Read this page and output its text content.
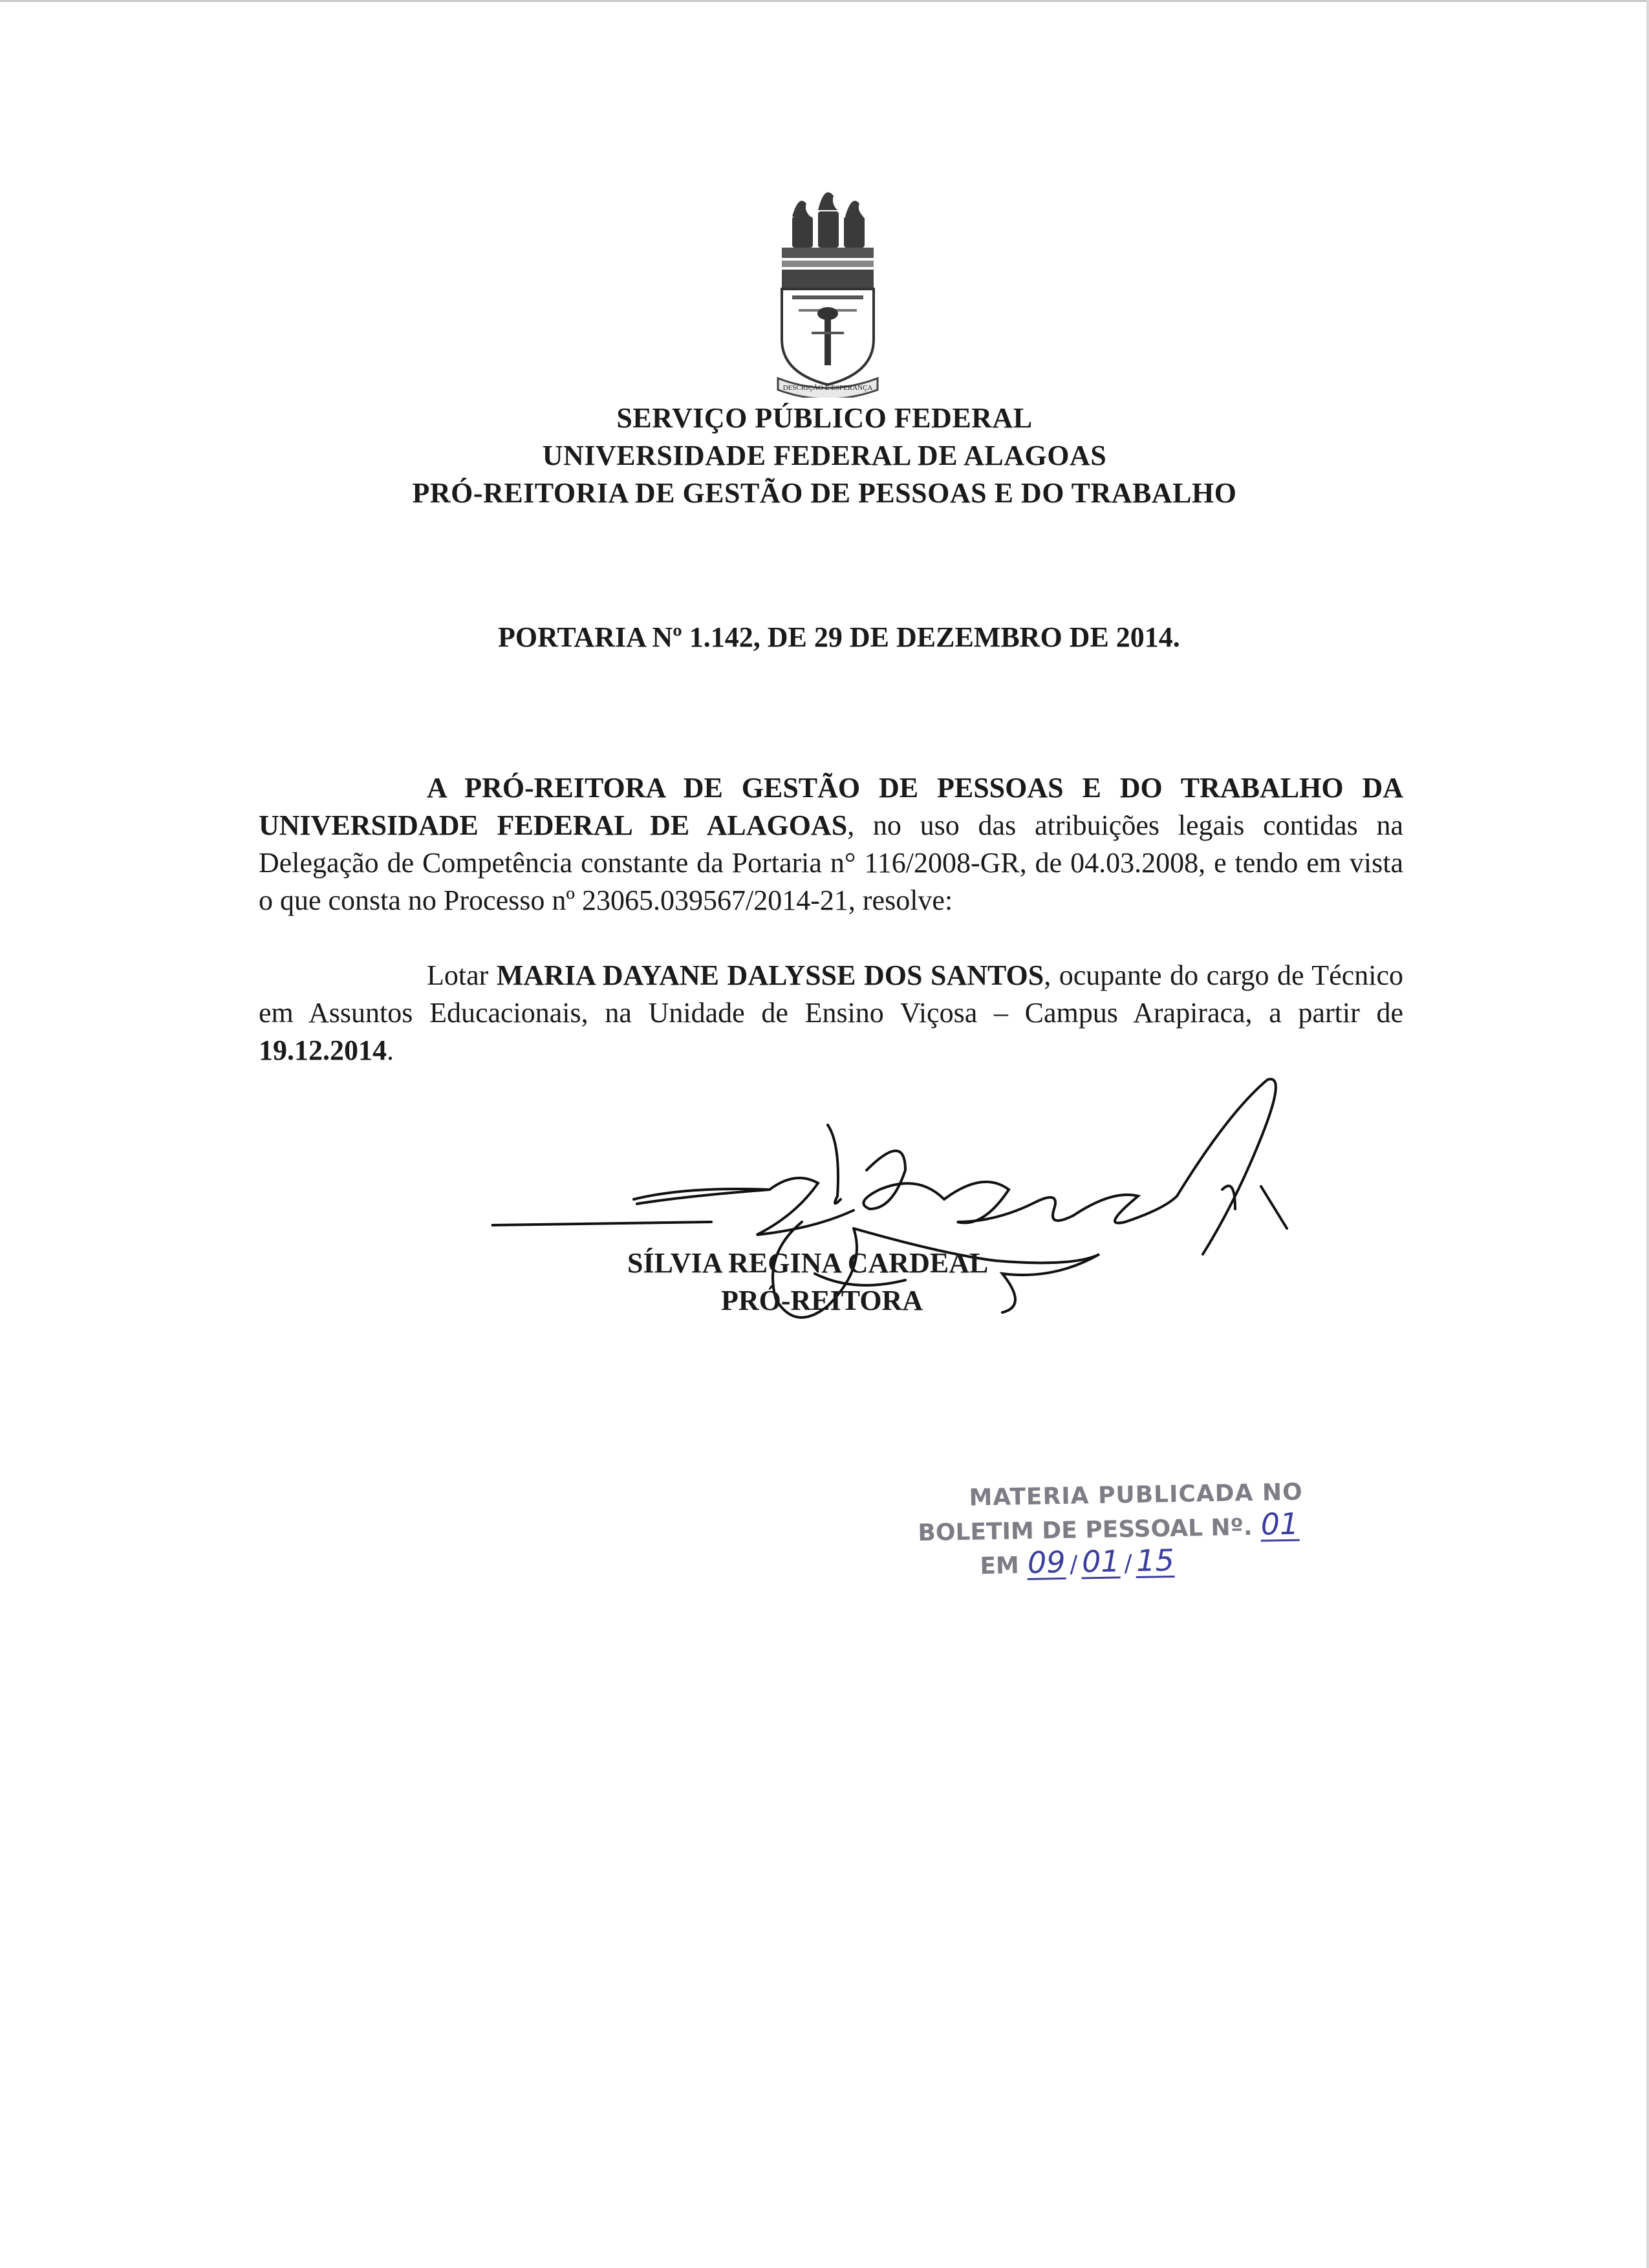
DESCRIÇÃO E ESPERANÇA
SERVIÇO PÚBLICO FEDERAL
UNIVERSIDADE FEDERAL DE ALAGOAS
PRÓ-REITORIA DE GESTÃO DE PESSOAS E DO TRABALHO
PORTARIA Nº 1.142, DE 29 DE DEZEMBRO DE 2014.
A PRÓ-REITORA DE GESTÃO DE PESSOAS E DO TRABALHO DA UNIVERSIDADE FEDERAL DE ALAGOAS, no uso das atribuições legais contidas na Delegação de Competência constante da Portaria n° 116/2008-GR, de 04.03.2008, e tendo em vista o que consta no Processo nº 23065.039567/2014-21, resolve:
Lotar MARIA DAYANE DALYSSE DOS SANTOS, ocupante do cargo de Técnico em Assuntos Educacionais, na Unidade de Ensino Viçosa – Campus Arapiraca, a partir de 19.12.2014.
SÍLVIA REGINA CARDEAL
PRÓ-REITORA
MATERIA PUBLICADA NO
BOLETIM DE PESSOAL Nº. 01
EM 09 / 01 / 15
